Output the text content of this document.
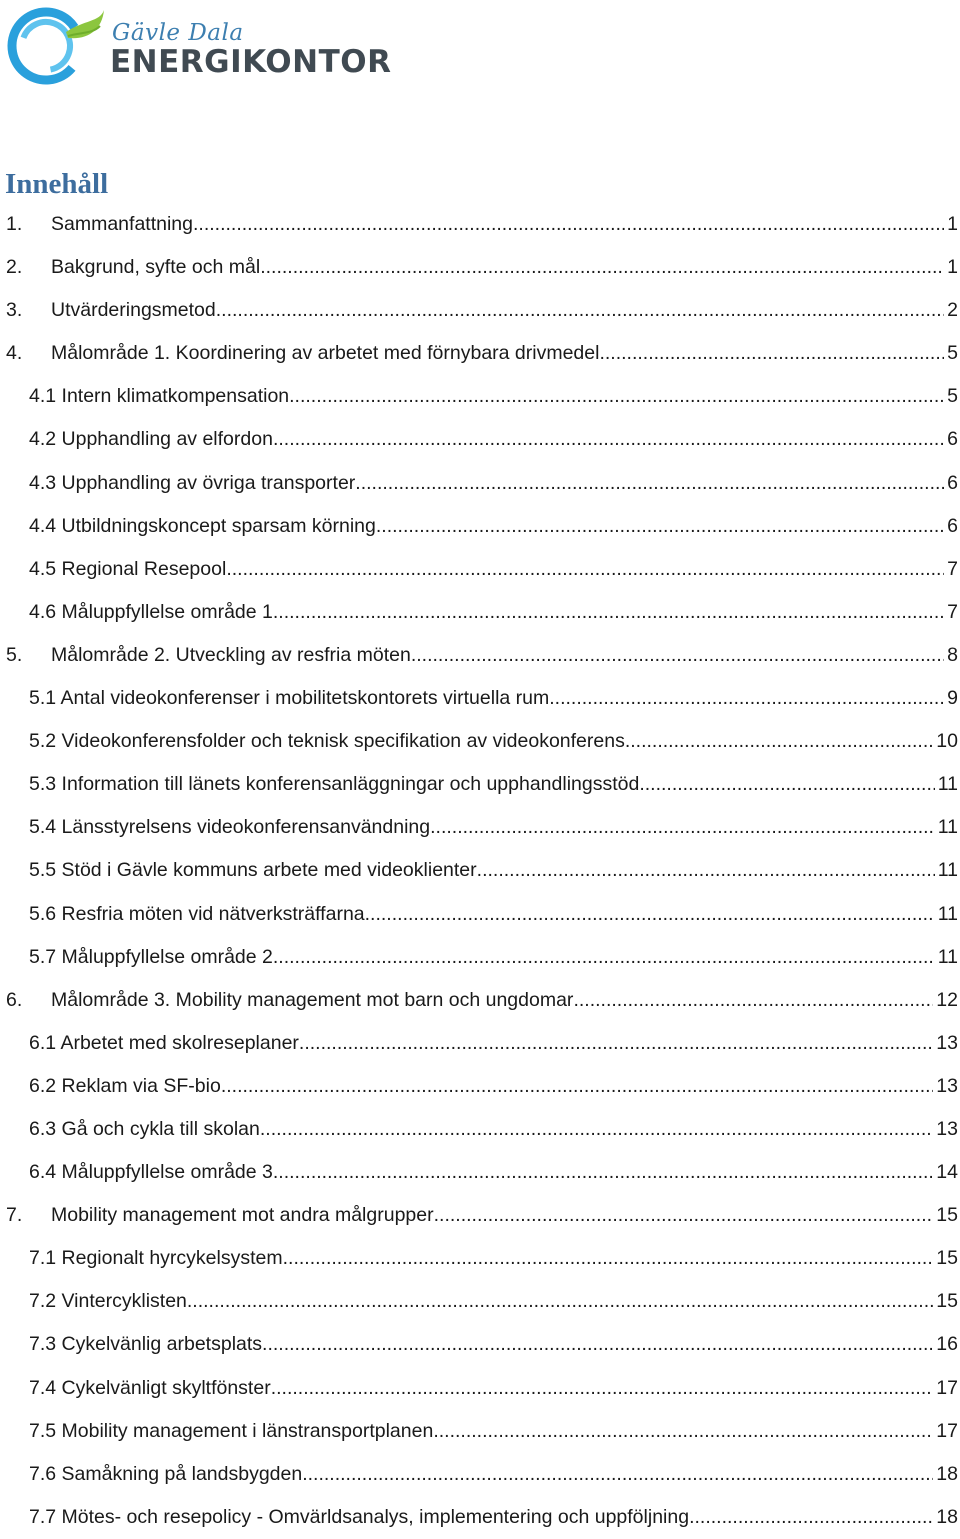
Gävle Dala
ENERGIKONTOR
Innehåll
1. Sammanfattning .....	1
2. Bakgrund, syfte och mål .....	1
3. Utvärderingsmetod .....	2
4. Målområde 1. Koordinering av arbetet med förnybara drivmedel .....	5
4.1 Intern klimatkompensation .....	5
4.2 Upphandling av elfordon .....	6
4.3 Upphandling av övriga transporter .....	6
4.4 Utbildningskoncept sparsam körning .....	6
4.5 Regional Resepool .....	7
4.6 Måluppfyllelse område 1 .....	7
5. Målområde 2. Utveckling av resfria möten .....	8
5.1 Antal videokonferenser i mobilitetskontorets virtuella rum. .....	9
5.2 Videokonferensfolder och teknisk specifikation av videokonferens .....	10
5.3 Information till länets konferensanläggningar och upphandlingsstöd .....	11
5.4 Länsstyrelsens videokonferensanvändning .....	11
5.5 Stöd i Gävle kommuns arbete med videoklienter .....	11
5.6 Resfria möten vid nätverksträffarna .....	11
5.7 Måluppfyllelse område 2 .....	11
6. Målområde 3. Mobility management mot barn och ungdomar .....	12
6.1 Arbetet med skolreseplaner .....	13
6.2 Reklam via SF-bio .....	13
6.3 Gå och cykla till skolan .....	13
6.4 Måluppfyllelse område 3 .....	14
7. Mobility management mot andra målgrupper .....	15
7.1 Regionalt hyrcykelsystem .....	15
7.2 Vintercyklisten .....	15
7.3 Cykelvänlig arbetsplats .....	16
7.4 Cykelvänligt skyltfönster .....	17
7.5 Mobility management i länstransportplanen .....	17
7.6 Samåkning på landsbygden .....	18
7.7 Mötes- och resepolicy - Omvärldsanalys, implementering och uppföljning .....	18
